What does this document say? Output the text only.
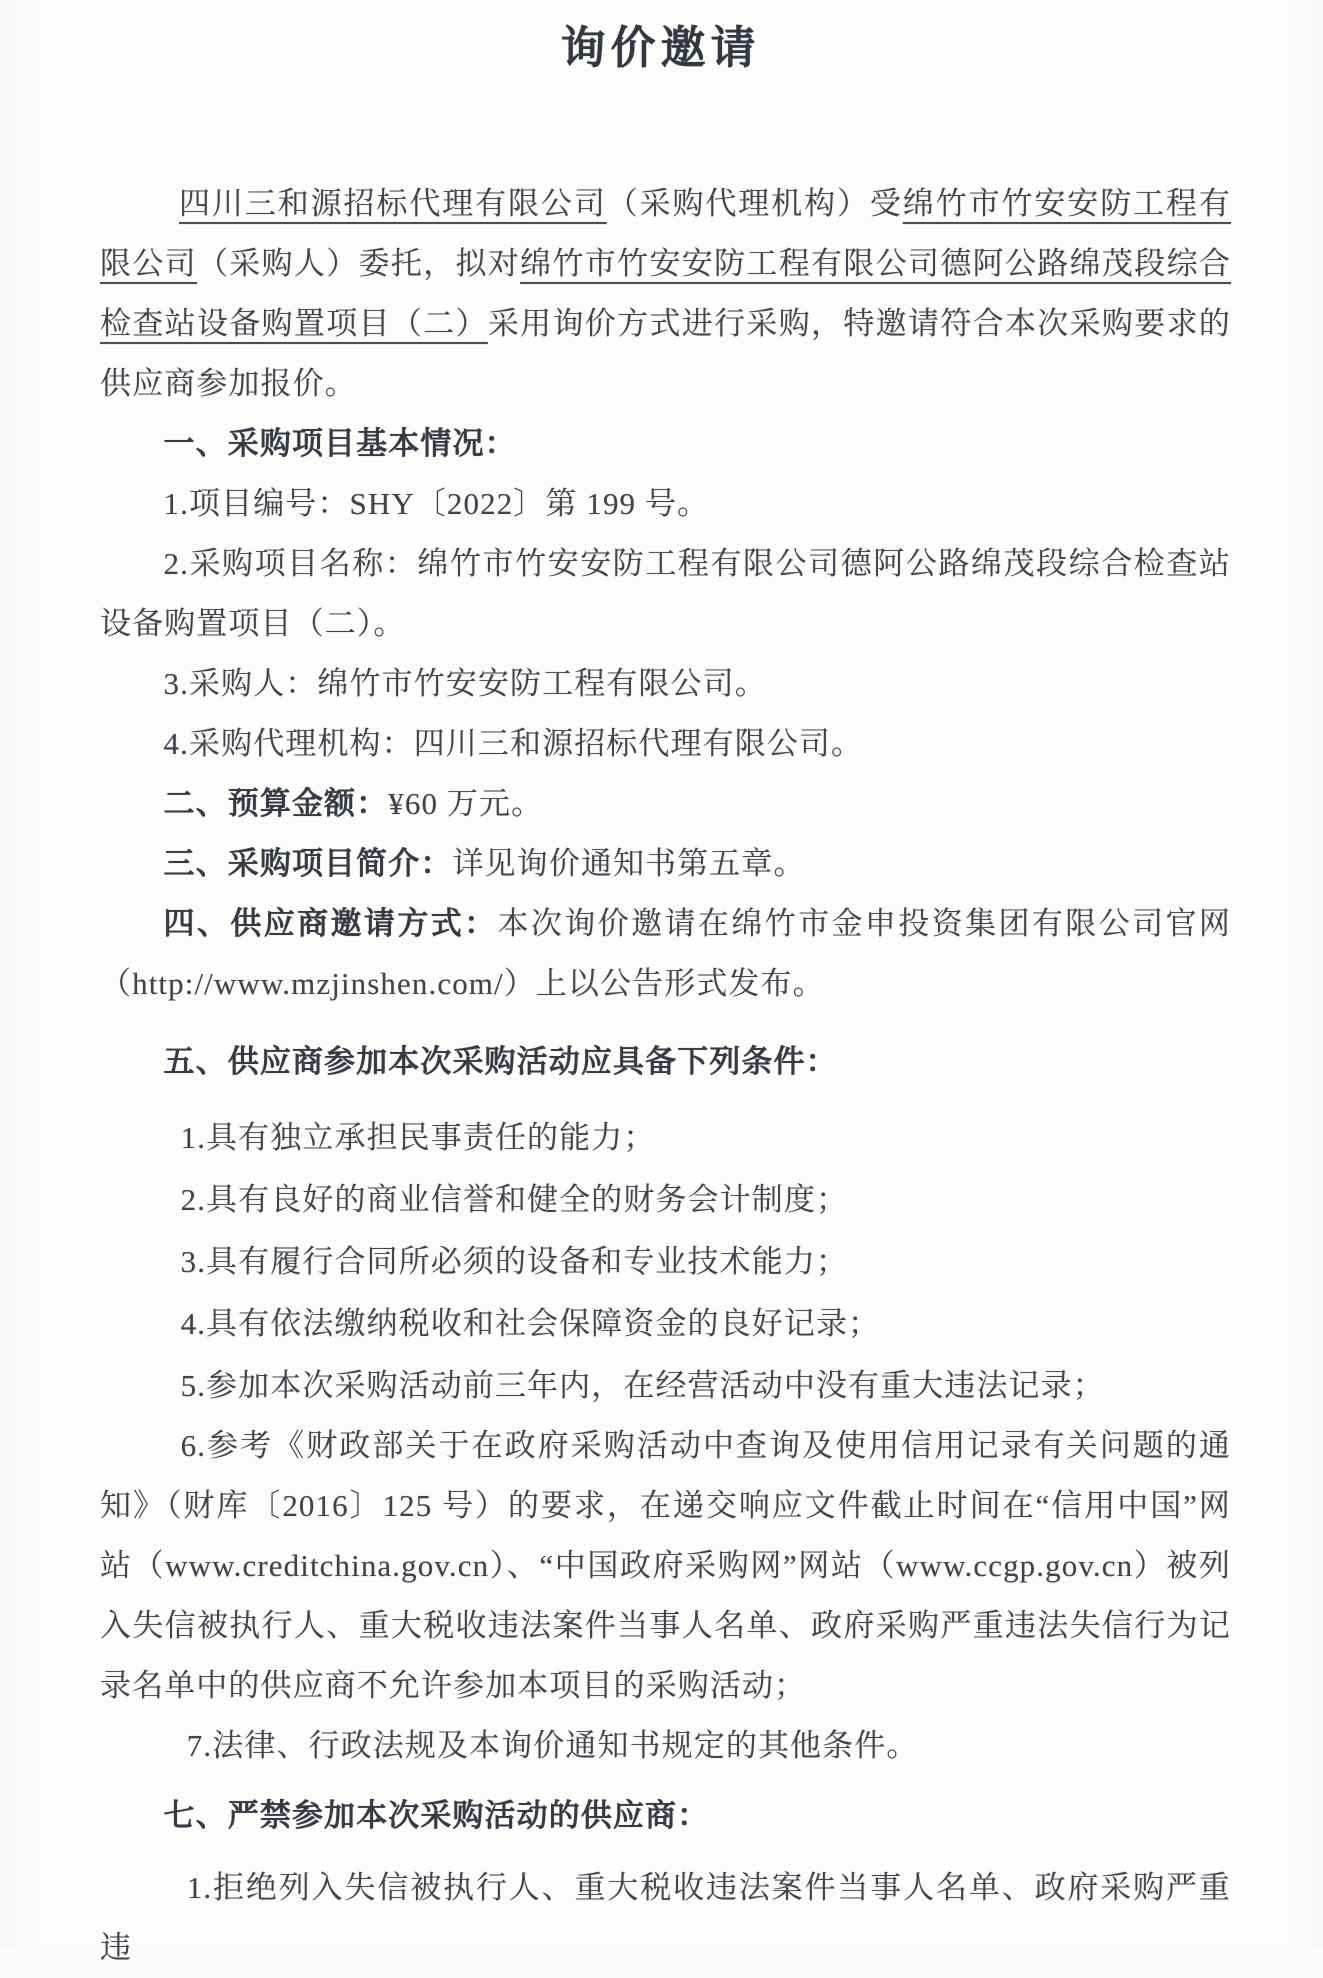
询价邀请

四川三和源招标代理有限公司（采购代理机构）受绵竹市竹安安防工程有限公司（采购人）委托，拟对绵竹市竹安安防工程有限公司德阿公路绵茂段综合检查站设备购置项目（二）采用询价方式进行采购，特邀请符合本次采购要求的供应商参加报价。

一、采购项目基本情况：

1.项目编号：SHY〔2022〕第 199 号。

2.采购项目名称：绵竹市竹安安防工程有限公司德阿公路绵茂段综合检查站设备购置项目（二）。

3.采购人：绵竹市竹安安防工程有限公司。

4.采购代理机构：四川三和源招标代理有限公司。

二、预算金额：¥60 万元。

三、采购项目简介：详见询价通知书第五章。

四、供应商邀请方式：本次询价邀请在绵竹市金申投资集团有限公司官网（http://www.mzjinshen.com/）上以公告形式发布。

五、供应商参加本次采购活动应具备下列条件：

1.具有独立承担民事责任的能力；

2.具有良好的商业信誉和健全的财务会计制度；

3.具有履行合同所必须的设备和专业技术能力；

4.具有依法缴纳税收和社会保障资金的良好记录；

5.参加本次采购活动前三年内，在经营活动中没有重大违法记录；

6.参考《财政部关于在政府采购活动中查询及使用信用记录有关问题的通知》（财库〔2016〕125 号）的要求，在递交响应文件截止时间在“信用中国”网站（www.creditchina.gov.cn）、“中国政府采购网”网站（www.ccgp.gov.cn）被列入失信被执行人、重大税收违法案件当事人名单、政府采购严重违法失信行为记录名单中的供应商不允许参加本项目的采购活动；

7.法律、行政法规及本询价通知书规定的其他条件。

七、严禁参加本次采购活动的供应商：

1.拒绝列入失信被执行人、重大税收违法案件当事人名单、政府采购严重违
